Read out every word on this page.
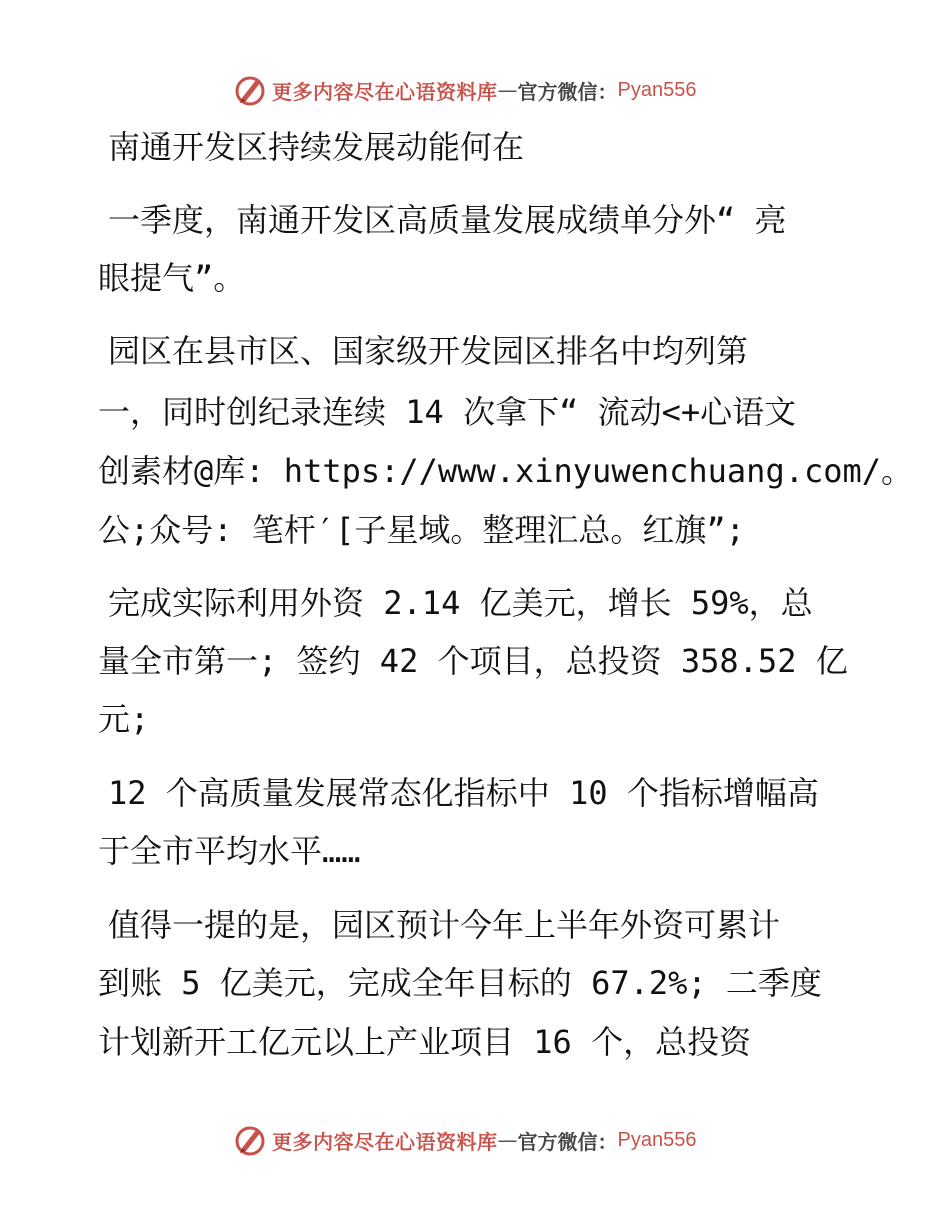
更多内容尽在心语资料库 — 官方微信： Pyan556
南通开发区持续发展动能何在
一季度，南通开发区高质量发展成绩单分外“ 亮
眼提气”。
园区在县市区、国家级开发园区排名中均列第
一，同时创纪录连续 14 次拿下“ 流动<+心语文
创素材@库: https://www.xinyuwenchuang.com/。
公;众号: 笔杆′[子星域。整理汇总。红旗”;
完成实际利用外资 2.14 亿美元，增长 59%，总
量全市第一; 签约 42 个项目，总投资 358.52 亿
元;
12 个高质量发展常态化指标中 10 个指标增幅高
于全市平均水平……
值得一提的是，园区预计今年上半年外资可累计
到账 5 亿美元，完成全年目标的 67.2%; 二季度
计划新开工亿元以上产业项目 16 个，总投资
更多内容尽在心语资料库 — 官方微信： Pyan556
